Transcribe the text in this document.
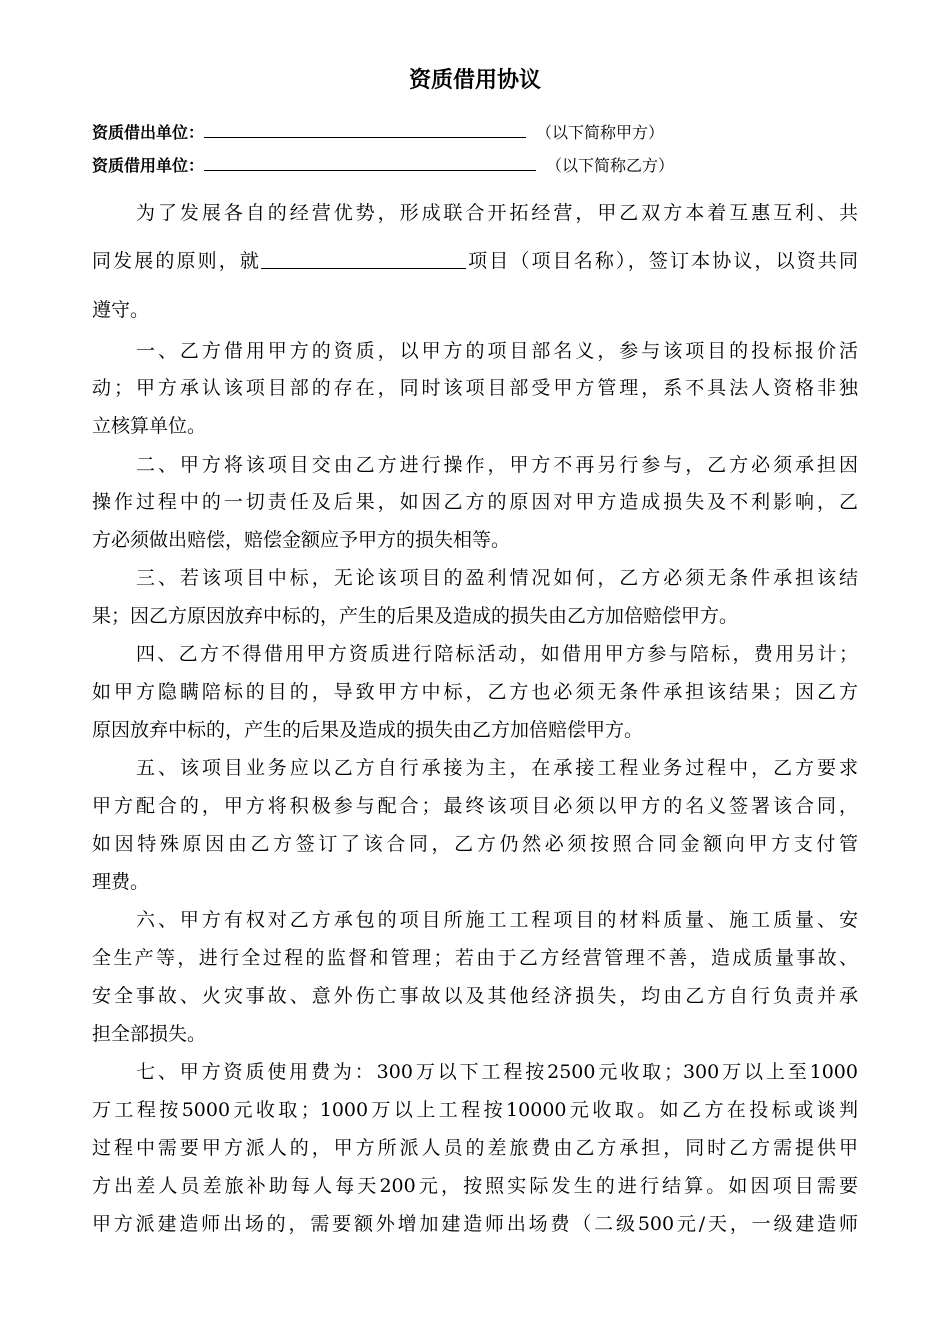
资质借用协议
资质借出单位：	（以下简称甲方）
资质借用单位：	（以下简称乙方）
为了发展各自的经营优势，形成联合开拓经营，甲乙双方本着互惠互利、共
同发展的原则，就	项目（项目名称），签订本协议，以资共同
遵守。
一、乙方借用甲方的资质，以甲方的项目部名义，参与该项目的投标报价活
动；甲方承认该项目部的存在，同时该项目部受甲方管理，系不具法人资格非独
立核算单位。
二、甲方将该项目交由乙方进行操作，甲方不再另行参与，乙方必须承担因
操作过程中的一切责任及后果，如因乙方的原因对甲方造成损失及不利影响，乙
方必须做出赔偿，赔偿金额应予甲方的损失相等。
三、若该项目中标，无论该项目的盈利情况如何，乙方必须无条件承担该结
果；因乙方原因放弃中标的，产生的后果及造成的损失由乙方加倍赔偿甲方。
四、乙方不得借用甲方资质进行陪标活动，如借用甲方参与陪标，费用另计；
如甲方隐瞒陪标的目的，导致甲方中标，乙方也必须无条件承担该结果；因乙方
原因放弃中标的，产生的后果及造成的损失由乙方加倍赔偿甲方。
五、该项目业务应以乙方自行承接为主，在承接工程业务过程中，乙方要求
甲方配合的，甲方将积极参与配合；最终该项目必须以甲方的名义签署该合同，
如因特殊原因由乙方签订了该合同，乙方仍然必须按照合同金额向甲方支付管
理费。
六、甲方有权对乙方承包的项目所施工工程项目的材料质量、施工质量、安
全生产等，进行全过程的监督和管理；若由于乙方经营管理不善，造成质量事故、
安全事故、火灾事故、意外伤亡事故以及其他经济损失，均由乙方自行负责并承
担全部损失。
七、甲方资质使用费为：300万以下工程按2500元收取；300万以上至1000
万工程按5000元收取；1000万以上工程按10000元收取。如乙方在投标或谈判
过程中需要甲方派人的，甲方所派人员的差旅费由乙方承担，同时乙方需提供甲
方出差人员差旅补助每人每天200元，按照实际发生的进行结算。如因项目需要
甲方派建造师出场的，需要额外增加建造师出场费（二级500元/天，一级建造师
